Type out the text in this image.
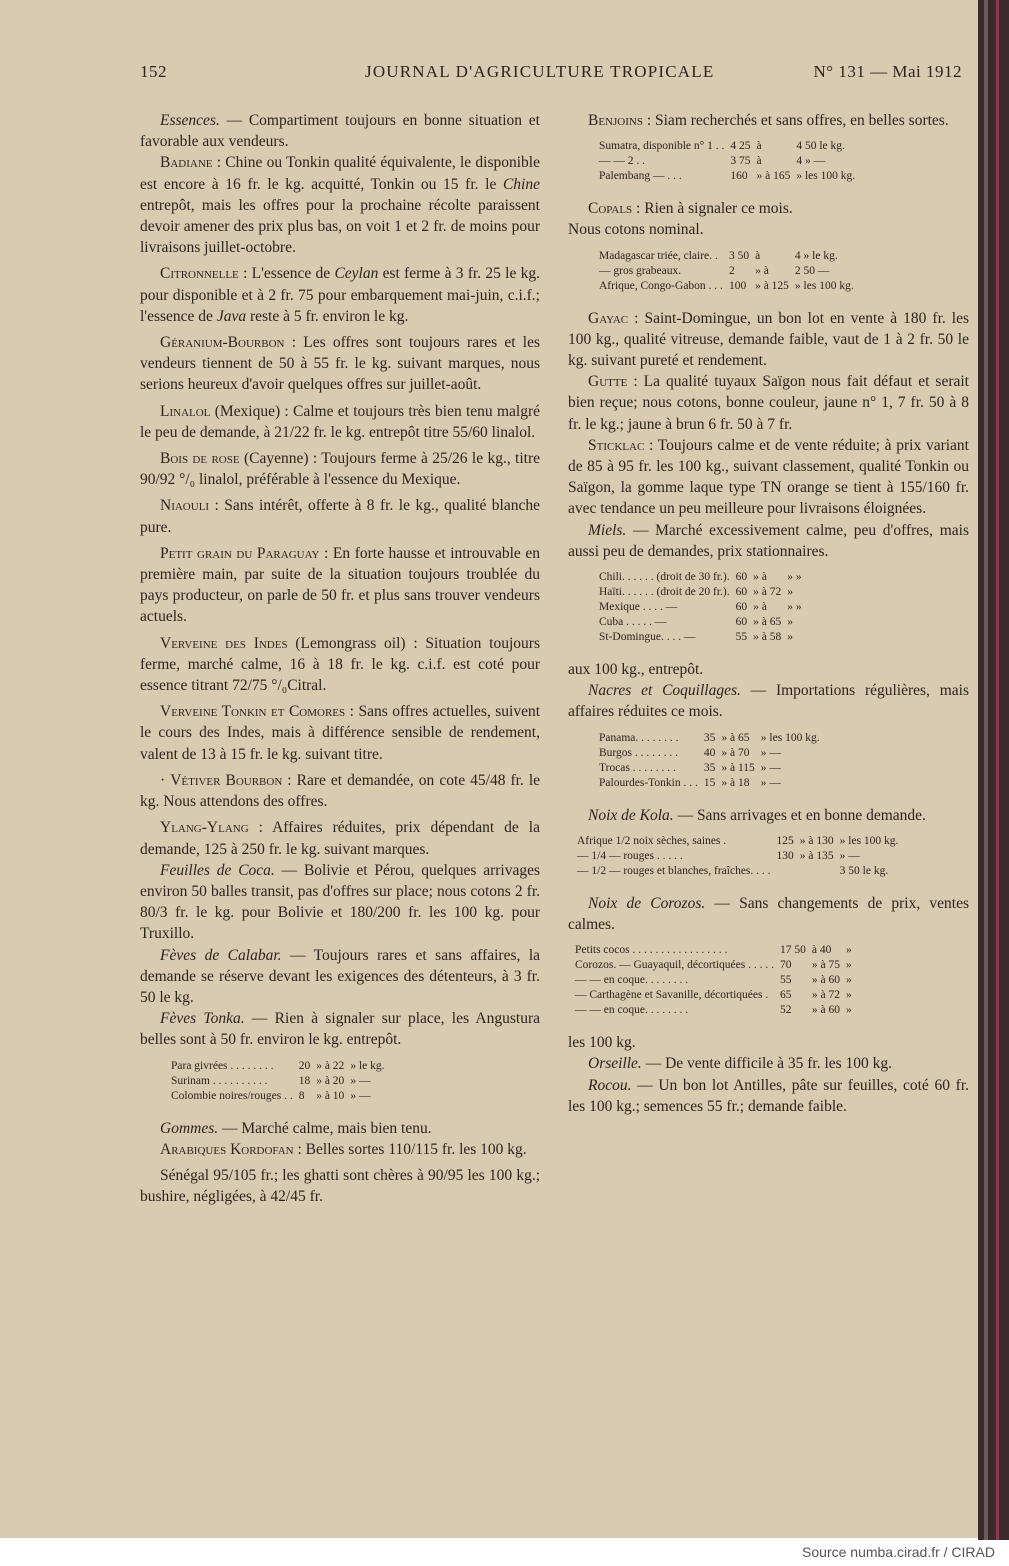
152	JOURNAL D'AGRICULTURE TROPICALE	N° 131 — Mai 1912

Essences. — Compartiment toujours en bonne situation et favorable aux vendeurs.

Badiane : Chine ou Tonkin qualité équivalente, le disponible est encore à 16 fr. le kg. acquitté, Tonkin ou 15 fr. le Chine entrepôt, mais les offres pour la prochaine récolte paraissent devoir amener des prix plus bas, on voit 1 et 2 fr. de moins pour livraisons juillet-octobre.

Citronnelle : L'essence de Ceylan est ferme à 3 fr. 25 le kg. pour disponible et à 2 fr. 75 pour embarquement mai-juin, c.i.f.; l'essence de Java reste à 5 fr. environ le kg.

Géranium-Bourbon : Les offres sont toujours rares et les vendeurs tiennent de 50 à 55 fr. le kg. suivant marques, nous serions heureux d'avoir quelques offres sur juillet-août.

Linalol (Mexique) : Calme et toujours très bien tenu malgré le peu de demande, à 21/22 fr. le kg. entrepôt titre 55/60 linalol.

Bois de rose (Cayenne) : Toujours ferme à 25/26 le kg., titre 90/92 °/₀ linalol, préférable à l'essence du Mexique.

Niaouli : Sans intérêt, offerte à 8 fr. le kg., qualité blanche pure.

Petit grain du Paraguay : En forte hausse et introuvable en première main, par suite de la situation toujours troublée du pays producteur, on parle de 50 fr. et plus sans trouver vendeurs actuels.

Verveine des Indes (Lemongrass oil) : Situation toujours ferme, marché calme, 16 à 18 fr. le kg. c.i.f. est coté pour essence titrant 72/75 °/₀Citral.

Verveine Tonkin et Comores : Sans offres actuelles, suivent le cours des Indes, mais à différence sensible de rendement, valent de 13 à 15 fr. le kg. suivant titre.

· Vétiver Bourbon : Rare et demandée, on cote 45/48 fr. le kg. Nous attendons des offres.

Ylang-Ylang : Affaires réduites, prix dépendant de la demande, 125 à 250 fr. le kg. suivant marques.

Feuilles de Coca. — Bolivie et Pérou, quelques arrivages environ 50 balles transit, pas d'offres sur place; nous cotons 2 fr. 80/3 fr. le kg. pour Bolivie et 180/200 fr. les 100 kg. pour Truxillo.

Fèves de Calabar. — Toujours rares et sans affaires, la demande se réserve devant les exigences des détenteurs, à 3 fr. 50 le kg.

Fèves Tonka. — Rien à signaler sur place, les Angustura belles sont à 50 fr. environ le kg. entrepôt.

Para givrées . . . . . . . .	20	» à 22	» le kg.
Surinam . . . . . . . . . .	18	» à 20	» —
Colombie noires/rouges . .	8	» à 10	» —

Gommes. — Marché calme, mais bien tenu.

Arabiques Kordofan : Belles sortes 110/115 fr. les 100 kg.

Sénégal 95/105 fr.; les ghatti sont chères à 90/95 les 100 kg.; bushire, négligées, à 42/45 fr.

Benjoins : Siam recherchés et sans offres, en belles sortes.

Sumatra, disponible n° 1 . .	4 25	à	4 50 le kg.
— — 2 . .	3 75	à	4 » —
Palembang — . . .	160	» à 165	» les 100 kg.

Copals : Rien à signaler ce mois.

Nous cotons nominal.

Madagascar triée, claire. .	3 50	à	4 » le kg.
— gros grabeaux.	2	» à	2 50 —
Afrique, Congo-Gabon . . .	100	» à 125	» les 100 kg.

Gayac : Saint-Domingue, un bon lot en vente à 180 fr. les 100 kg., qualité vitreuse, demande faible, vaut de 1 à 2 fr. 50 le kg. suivant pureté et rendement.

Gutte : La qualité tuyaux Saïgon nous fait défaut et serait bien reçue; nous cotons, bonne couleur, jaune n° 1, 7 fr. 50 à 8 fr. le kg.; jaune à brun 6 fr. 50 à 7 fr.

Sticklac : Toujours calme et de vente réduite; à prix variant de 85 à 95 fr. les 100 kg., suivant classement, qualité Tonkin ou Saïgon, la gomme laque type TN orange se tient à 155/160 fr. avec tendance un peu meilleure pour livraisons éloignées.

Miels. — Marché excessivement calme, peu d'offres, mais aussi peu de demandes, prix stationnaires.

Chili. . . . . . (droit de 30 fr.).	60	» à	» »
Haïti. . . . . . (droit de 20 fr.).	60	» à 72	»
Mexique . . . . —	60	» à	» »
Cuba . . . . . —	60	» à 65	»
St-Domingue. . . . —	55	» à 58	»

aux 100 kg., entrepôt.

Nacres et Coquillages. — Importations régulières, mais affaires réduites ce mois.

Panama. . . . . . . .	35	» à 65	» les 100 kg.
Burgos . . . . . . . .	40	» à 70	» —
Trocas . . . . . . . .	35	» à 115	» —
Palourdes-Tonkin . . .	15	» à 18	» —

Noix de Kola. — Sans arrivages et en bonne demande.

Afrique 1/2 noix sèches, saines .	125	» à 130	» les 100 kg.
— 1/4 — rouges . . . . .	130	» à 135	» —
— 1/2 — rouges et blanches, fraîches. . . .			3 50 le kg.

Noix de Corozos. — Sans changements de prix, ventes calmes.

Petits cocos . . . . . . . . . . . . . . . . .	17 50	à 40	»
Corozos. — Guayaquil, décortiquées . . . . .	70	» à 75	»
— — en coque. . . . . . . .	55	» à 60	»
— Carthagène et Savanille, décortiquées .	65	» à 72	»
— — en coque. . . . . . . .	52	» à 60	»

les 100 kg.

Orseille. — De vente difficile à 35 fr. les 100 kg.

Rocou. — Un bon lot Antilles, pâte sur feuilles, coté 60 fr. les 100 kg.; semences 55 fr.; demande faible.

Source numba.cirad.fr / CIRAD
